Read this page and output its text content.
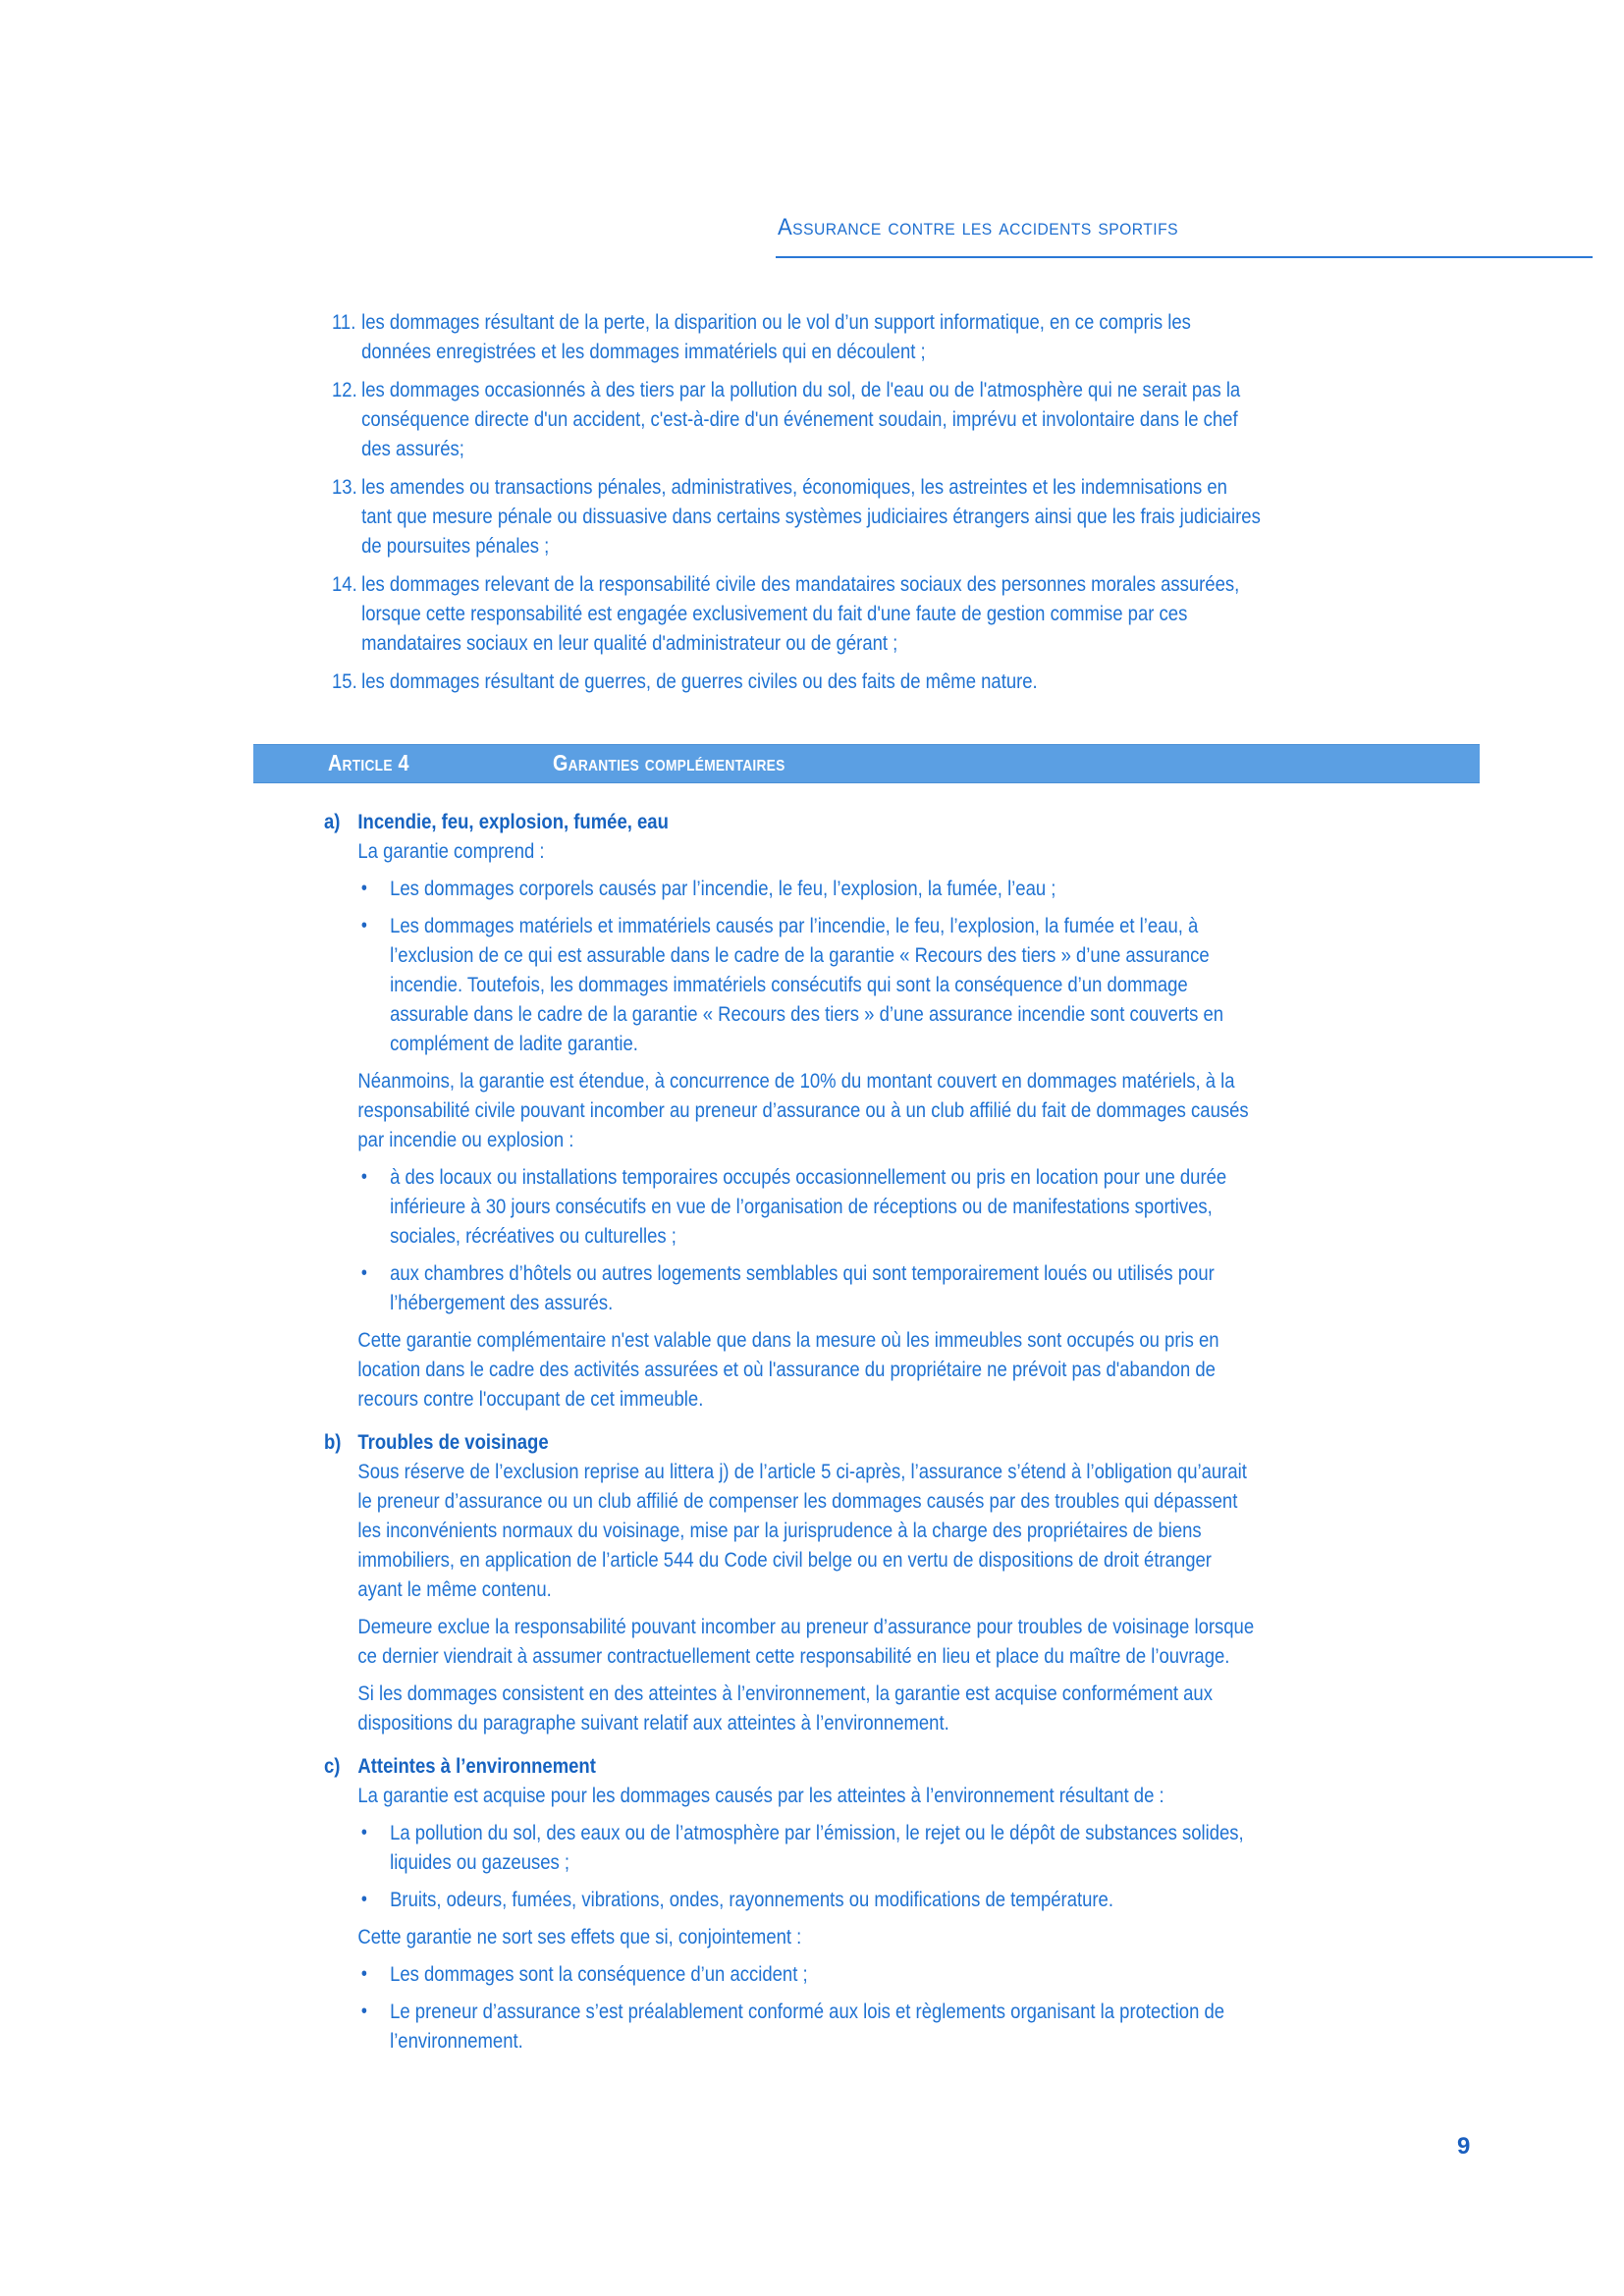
Assurance contre les accidents sportifs
11. les dommages résultant de la perte, la disparition ou le vol d’un support informatique, en ce compris les
données enregistrées et les dommages immatériels qui en découlent ;
12. les dommages occasionnés à des tiers par la pollution du sol, de l'eau ou de l'atmosphère qui ne serait pas la
conséquence directe d'un accident, c'est-à-dire d'un événement soudain, imprévu et involontaire dans le chef
des assurés;
13. les amendes ou transactions pénales, administratives, économiques, les astreintes et les indemnisations en
tant que mesure pénale ou dissuasive dans certains systèmes judiciaires étrangers ainsi que les frais judiciaires
de poursuites pénales ;
14. les dommages relevant de la responsabilité civile des mandataires sociaux des personnes morales assurées,
lorsque cette responsabilité est engagée exclusivement du fait d'une faute de gestion commise par ces
mandataires sociaux en leur qualité d'administrateur ou de gérant ;
15. les dommages résultant de guerres, de guerres civiles ou des faits de même nature.
Article 4	Garanties complémentaires
a) Incendie, feu, explosion, fumée, eau
La garantie comprend :
• Les dommages corporels causés par l’incendie, le feu, l’explosion, la fumée, l’eau ;
• Les dommages matériels et immatériels causés par l’incendie, le feu, l’explosion, la fumée et l’eau, à
l’exclusion de ce qui est assurable dans le cadre de la garantie « Recours des tiers » d’une assurance
incendie. Toutefois, les dommages immatériels consécutifs qui sont la conséquence d’un dommage
assurable dans le cadre de la garantie « Recours des tiers » d’une assurance incendie sont couverts en
complément de ladite garantie.
Néanmoins, la garantie est étendue, à concurrence de 10% du montant couvert en dommages matériels, à la
responsabilité civile pouvant incomber au preneur d’assurance ou à un club affilié du fait de dommages causés
par incendie ou explosion :
• à des locaux ou installations temporaires occupés occasionnellement ou pris en location pour une durée
inférieure à 30 jours consécutifs en vue de l’organisation de réceptions ou de manifestations sportives,
sociales, récréatives ou culturelles ;
• aux chambres d’hôtels ou autres logements semblables qui sont temporairement loués ou utilisés pour
l’hébergement des assurés.
Cette garantie complémentaire n'est valable que dans la mesure où les immeubles sont occupés ou pris en
location dans le cadre des activités assurées et où l'assurance du propriétaire ne prévoit pas d'abandon de
recours contre l'occupant de cet immeuble.
b) Troubles de voisinage
Sous réserve de l’exclusion reprise au littera j) de l’article 5 ci-après, l’assurance s’étend à l’obligation qu’aurait
le preneur d’assurance ou un club affilié de compenser les dommages causés par des troubles qui dépassent
les inconvénients normaux du voisinage, mise par la jurisprudence à la charge des propriétaires de biens
immobiliers, en application de l’article 544 du Code civil belge ou en vertu de dispositions de droit étranger
ayant le même contenu.
Demeure exclue la responsabilité pouvant incomber au preneur d’assurance pour troubles de voisinage lorsque
ce dernier viendrait à assumer contractuellement cette responsabilité en lieu et place du maître de l’ouvrage.
Si les dommages consistent en des atteintes à l’environnement, la garantie est acquise conformément aux
dispositions du paragraphe suivant relatif aux atteintes à l’environnement.
c) Atteintes à l’environnement
La garantie est acquise pour les dommages causés par les atteintes à l’environnement résultant de :
• La pollution du sol, des eaux ou de l’atmosphère par l’émission, le rejet ou le dépôt de substances solides,
liquides ou gazeuses ;
• Bruits, odeurs, fumées, vibrations, ondes, rayonnements ou modifications de température.
Cette garantie ne sort ses effets que si, conjointement :
• Les dommages sont la conséquence d’un accident ;
• Le preneur d’assurance s’est préalablement conformé aux lois et règlements organisant la protection de
l’environnement.
9
